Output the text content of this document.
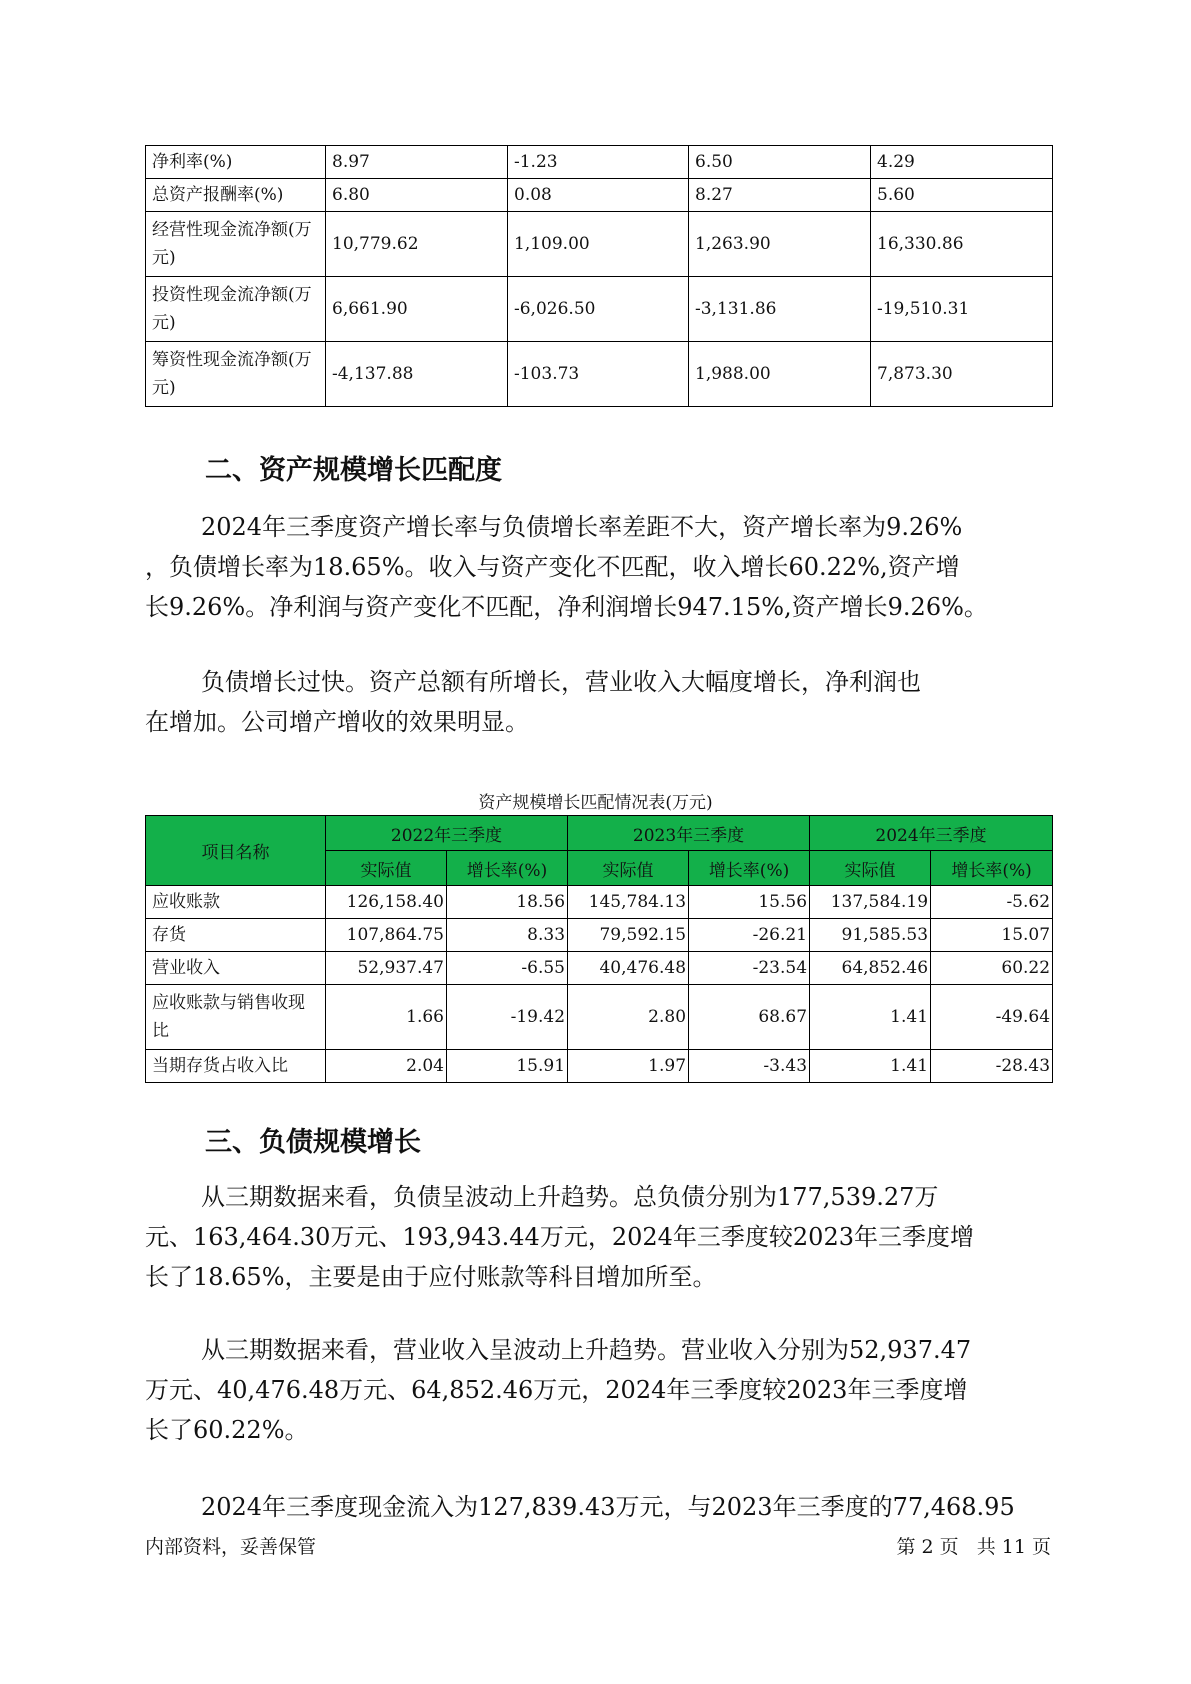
净利率(%)	8.97	-1.23	6.50	4.29
总资产报酬率(%)	6.80	0.08	8.27	5.60
经营性现金流净额(万元)	10,779.62	1,109.00	1,263.90	16,330.86
投资性现金流净额(万元)	6,661.90	-6,026.50	-3,131.86	-19,510.31
筹资性现金流净额(万元)	-4,137.88	-103.73	1,988.00	7,873.30
二、资产规模增长匹配度

2024年三季度资产增长率与负债增长率差距不大，资产增长率为9.26%
，负债增长率为18.65%。收入与资产变化不匹配，收入增长60.22%,资产增
长9.26%。净利润与资产变化不匹配，净利润增长947.15%,资产增长9.26%。

负债增长过快。资产总额有所增长，营业收入大幅度增长，净利润也
在增加。公司增产增收的效果明显。

资产规模增长匹配情况表(万元)
项目名称	2022年三季度		2023年三季度		2024年三季度	
	实际值	增长率(%)	实际值	增长率(%)	实际值	增长率(%)
应收账款	126,158.40	18.56	145,784.13	15.56	137,584.19	-5.62
存货	107,864.75	8.33	79,592.15	-26.21	91,585.53	15.07
营业收入	52,937.47	-6.55	40,476.48	-23.54	64,852.46	60.22
应收账款与销售收现比	1.66	-19.42	2.80	68.67	1.41	-49.64
当期存货占收入比	2.04	15.91	1.97	-3.43	1.41	-28.43
三、负债规模增长

从三期数据来看，负债呈波动上升趋势。总负债分别为177,539.27万
元、163,464.30万元、193,943.44万元，2024年三季度较2023年三季度增
长了18.65%，主要是由于应付账款等科目增加所至。

从三期数据来看，营业收入呈波动上升趋势。营业收入分别为52,937.47
万元、40,476.48万元、64,852.46万元，2024年三季度较2023年三季度增
长了60.22%。

2024年三季度现金流入为127,839.43万元，与2023年三季度的77,468.95

内部资料，妥善保管	第 2 页   共 11 页
